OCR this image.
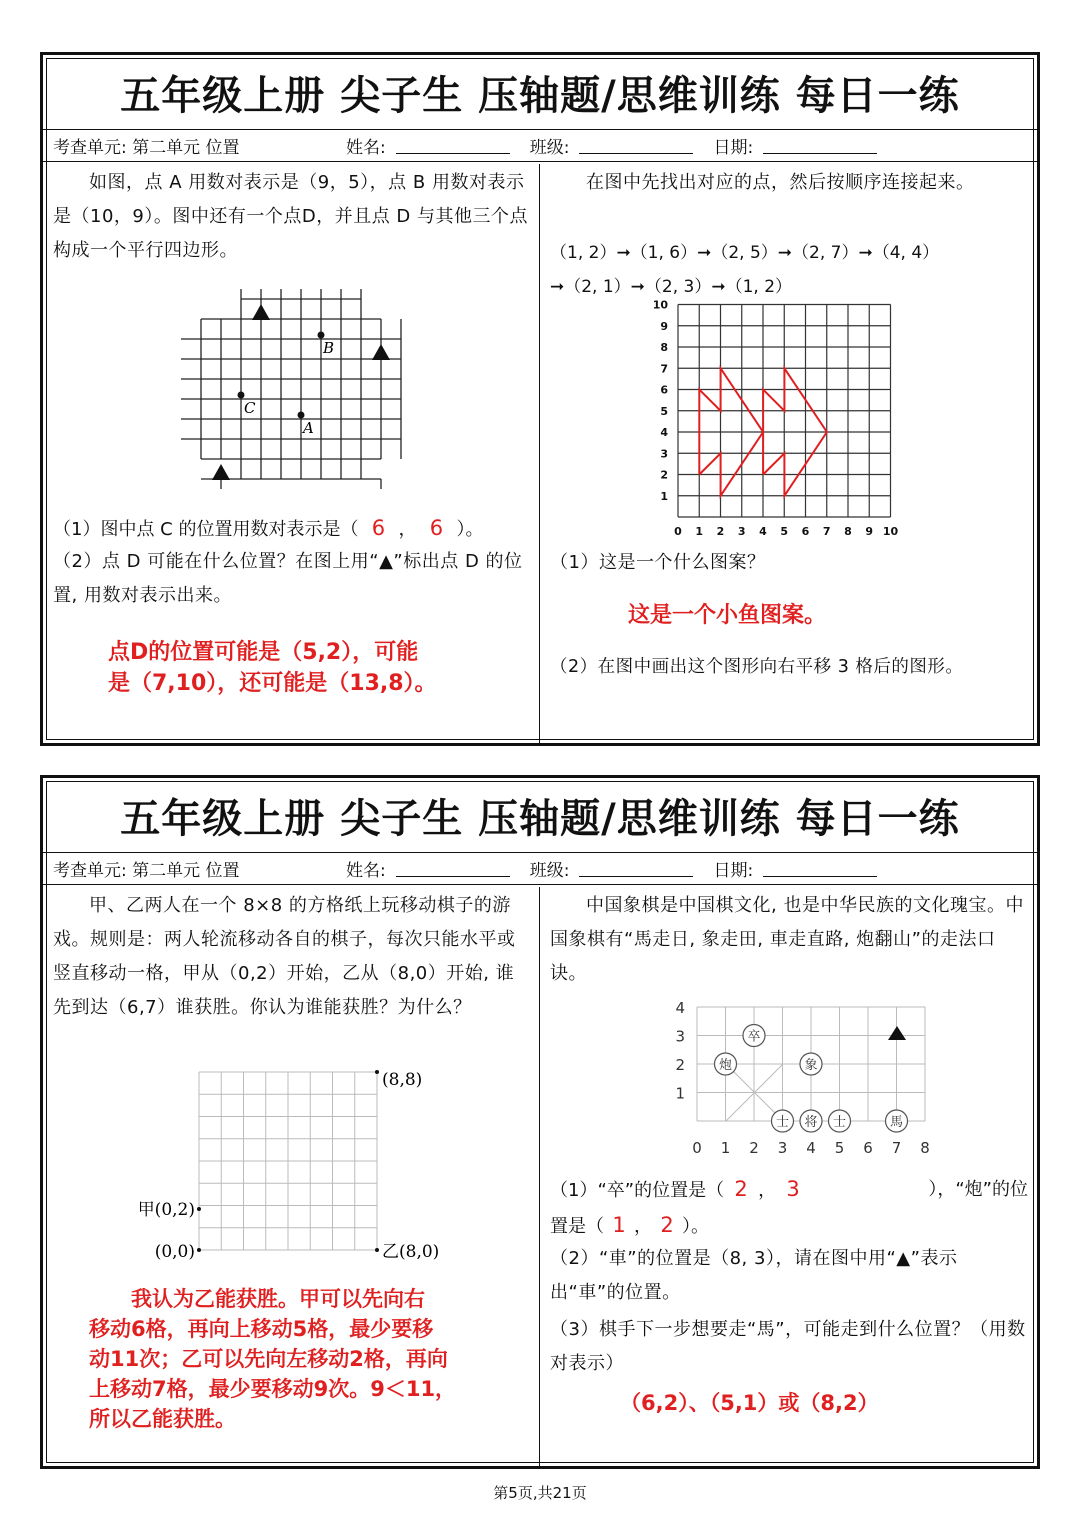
五年级上册 尖子生 压轴题/思维训练 每日一练
考查单元: 第二单元 位置	姓名:	班级:	日期:

如图，点 A 用数对表示是（9，5），点 B 用数对表示是（10，9）。图中还有一个点D，并且点 D 与其他三个点构成一个平行四边形。

B
C
A
（1）图中点 C 的位置用数对表示是（ 6 ， 6 ）。

（2）点 D 可能在什么位置？在图上用“▲”标出点 D 的位置, 用数对表示出来。

点D的位置可能是（5,2），可能
是（7,10），还可能是（13,8）。

在图中先找出对应的点，然后按顺序连接起来。

（1, 2）➞（1, 6）➞（2, 5）➞（2, 7）➞（4, 4）
➞（2, 1）➞（2, 3）➞（1, 2）
0 1 2 3 4 5 6 7 8 9 10
1
2
3
4
5
6
7
8
9
10

（1）这是一个什么图案？

这是一个小鱼图案。

（2）在图中画出这个图形向右平移 3 格后的图形。

五年级上册 尖子生 压轴题/思维训练 每日一练
考查单元: 第二单元 位置	姓名:	班级:	日期:

甲、乙两人在一个 8×8 的方格纸上玩移动棋子的游戏。规则是：两人轮流移动各自的棋子，每次只能水平或竖直移动一格，甲从（0,2）开始，乙从（8,0）开始, 谁先到达（6,7）谁获胜。你认为谁能获胜？为什么？

(8,8)
甲(0,2)
(0,0)	乙(8,0)
我认为乙能获胜。甲可以先向右
移动6格，再向上移动5格，最少要移
动11次；乙可以先向左移动2格，再向
上移动7格，最少要移动9次。9＜11，
所以乙能获胜。

中国象棋是中国棋文化, 也是中华民族的文化瑰宝。中国象棋有“馬走日, 象走田, 車走直路, 炮翻山”的走法口诀。

0 1 2 3 4 5 6 7 8
1
2
3
4
卒
炮	象
士 将 士	馬
（1）“卒”的位置是（ 2 ， 3	），“炮”的位
置是（ 1 ， 2 ）。

（2）“車”的位置是（8, 3），请在图中用“▲”表示出“車”的位置。

（3）棋手下一步想要走“馬”，可能走到什么位置？（用数对表示）

（6,2）、（5,1）或（8,2）
第5页,共21页
